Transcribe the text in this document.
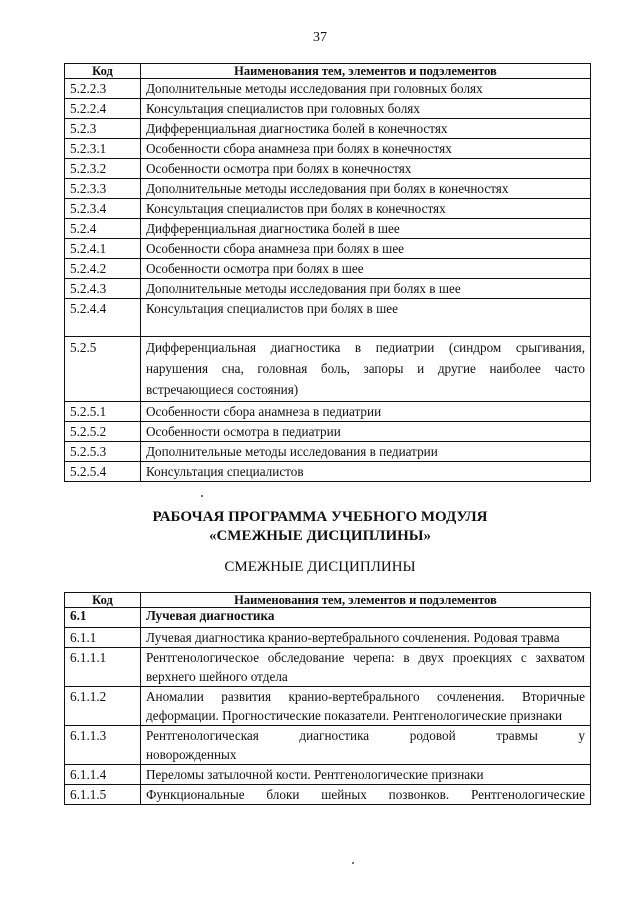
37
Код	Наименования тем, элементов и подэлементов
5.2.2.3	Дополнительные методы исследования при головных болях
5.2.2.4	Консультация специалистов при головных болях
5.2.3	Дифференциальная диагностика болей в конечностях
5.2.3.1	Особенности сбора анамнеза при болях в конечностях
5.2.3.2	Особенности осмотра при болях в конечностях
5.2.3.3	Дополнительные методы исследования при болях в конечностях
5.2.3.4	Консультация специалистов при болях в конечностях
5.2.4	Дифференциальная диагностика болей в шее
5.2.4.1	Особенности сбора анамнеза при болях в шее
5.2.4.2	Особенности осмотра при болях в шее
5.2.4.3	Дополнительные методы исследования при болях в шее
5.2.4.4	Консультация специалистов при болях в шее
5.2.5	Дифференциальная диагностика в педиатрии (синдром срыгивания, нарушения сна, головная боль, запоры и другие наиболее часто встречающиеся состояния)
5.2.5.1	Особенности сбора анамнеза в педиатрии
5.2.5.2	Особенности осмотра в педиатрии
5.2.5.3	Дополнительные методы исследования в педиатрии
5.2.5.4	Консультация специалистов
РАБОЧАЯ ПРОГРАММА УЧЕБНОГО МОДУЛЯ
«СМЕЖНЫЕ ДИСЦИПЛИНЫ»
СМЕЖНЫЕ ДИСЦИПЛИНЫ
Код	Наименования тем, элементов и подэлементов
6.1	Лучевая диагностика
6.1.1	Лучевая диагностика кранио-вертебрального сочленения. Родовая травма
6.1.1.1	Рентгенологическое обследование черепа: в двух проекциях с захватом верхнего шейного отдела
6.1.1.2	Аномалии развития кранио-вертебрального сочленения. Вторичные деформации. Прогностические показатели. Рентгенологические признаки
6.1.1.3	Рентгенологическая диагностика родовой травмы у новорожденных
6.1.1.4	Переломы затылочной кости. Рентгенологические признаки
6.1.1.5	Функциональные блоки шейных позвонков. Рентгенологические
